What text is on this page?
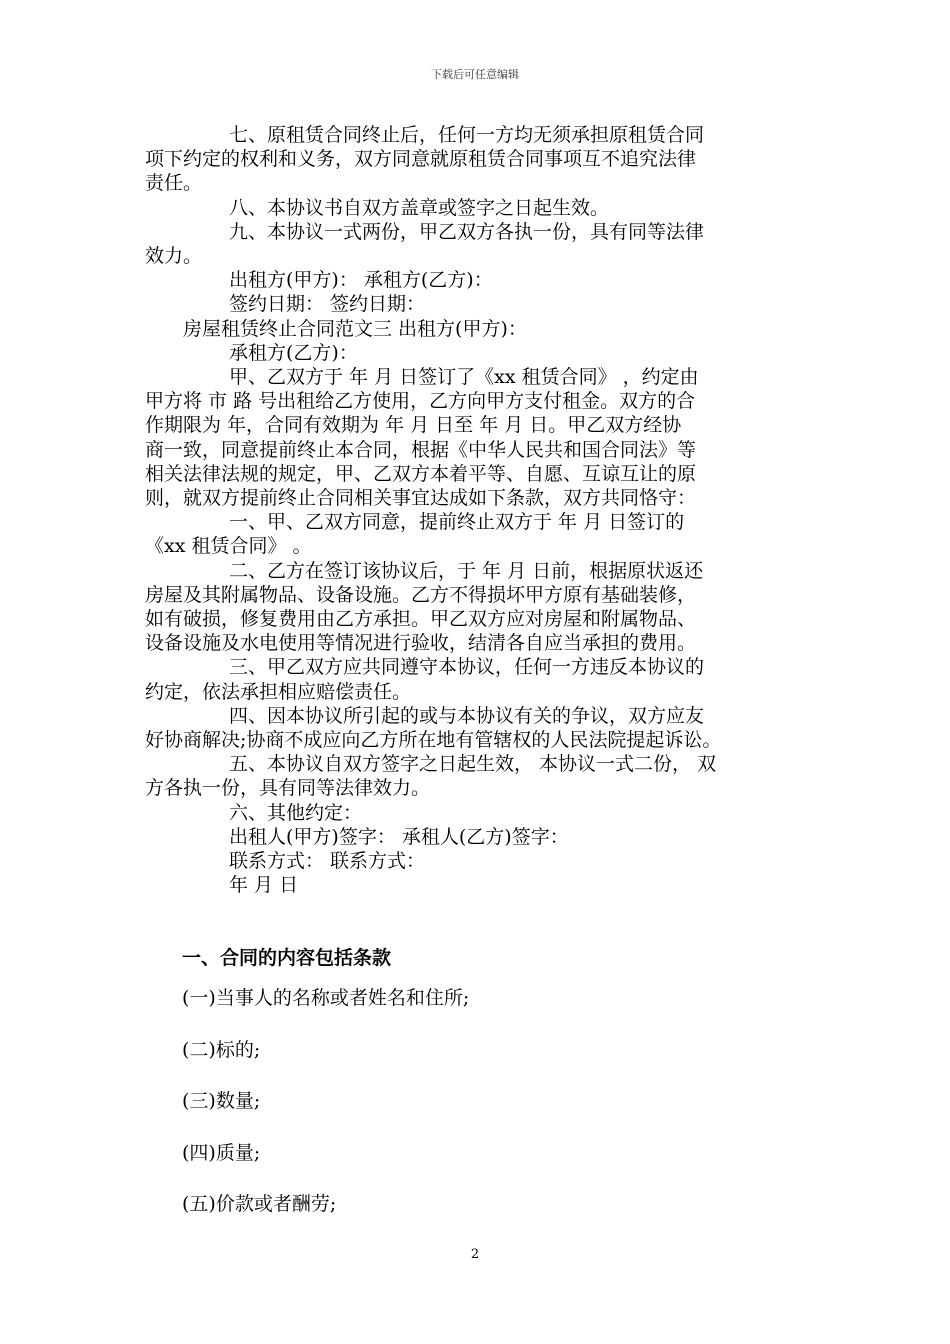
下载后可任意编辑

七、原租赁合同终止后，任何一方均无须承担原租赁合同

项下约定的权利和义务，双方同意就原租赁合同事项互不追究法律

责任。

八、本协议书自双方盖章或签字之日起生效。

九、本协议一式两份，甲乙双方各执一份，具有同等法律

效力。

出租方(甲方)： 承租方(乙方)：

签约日期： 签约日期：

房屋租赁终止合同范文三 出租方(甲方)：

承租方(乙方)：

甲、乙双方于 年 月 日签订了《xx 租赁合同》 ，约定由

甲方将 市 路 号出租给乙方使用，乙方向甲方支付租金。双方的合

作期限为 年，合同有效期为 年 月 日至 年 月 日。甲乙双方经协

商一致，同意提前终止本合同，根据《中华人民共和国合同法》等

相关法律法规的规定，甲、乙双方本着平等、自愿、互谅互让的原

则，就双方提前终止合同相关事宜达成如下条款，双方共同恪守：

一、甲、乙双方同意，提前终止双方于 年 月 日签订的

《xx 租赁合同》 。

二、乙方在签订该协议后，于 年 月 日前，根据原状返还

房屋及其附属物品、设备设施。乙方不得损坏甲方原有基础装修，

如有破损，修复费用由乙方承担。甲乙双方应对房屋和附属物品、

设备设施及水电使用等情况进行验收，结清各自应当承担的费用。

三、甲乙双方应共同遵守本协议，任何一方违反本协议的

约定，依法承担相应赔偿责任。

四、因本协议所引起的或与本协议有关的争议，双方应友

好协商解决;协商不成应向乙方所在地有管辖权的人民法院提起诉讼。

五、本协议自双方签字之日起生效， 本协议一式二份， 双

方各执一份，具有同等法律效力。

六、其他约定：

出租人(甲方)签字： 承租人(乙方)签字：

联系方式： 联系方式：

年 月 日

一、合同的内容包括条款

(一)当事人的名称或者姓名和住所;

(二)标的;

(三)数量;

(四)质量;

(五)价款或者酬劳;

2
